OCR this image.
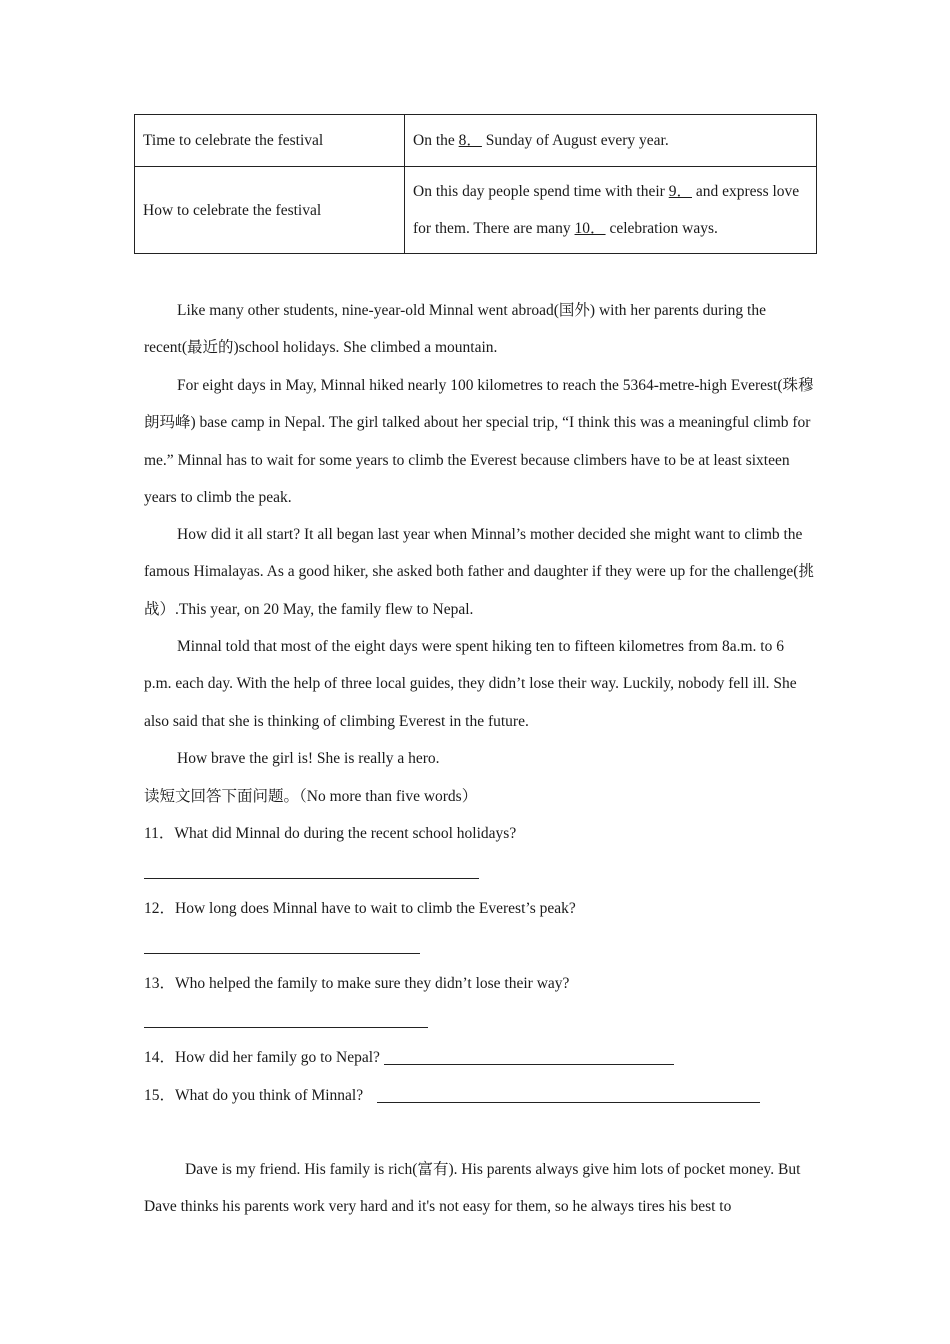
Time to celebrate the festival	On the 8． Sunday of August every year.
How to celebrate the festival	On this day people spend time with their 9． and express love for them. There are many 10． celebration ways.

Like many other students, nine-year-old Minnal went abroad(国外) with her parents during the recent(最近的)school holidays. She climbed a mountain.

For eight days in May, Minnal hiked nearly 100 kilometres to reach the 5364-metre-high Everest(珠穆朗玛峰) base camp in Nepal. The girl talked about her special trip, “I think this was a meaningful climb for me.” Minnal has to wait for some years to climb the Everest because climbers have to be at least sixteen years to climb the peak.

How did it all start? It all began last year when Minnal’s mother decided she might want to climb the famous Himalayas. As a good hiker, she asked both father and daughter if they were up for the challenge(挑战）.This year, on 20 May, the family flew to Nepal.

Minnal told that most of the eight days were spent hiking ten to fifteen kilometres from 8a.m. to 6 p.m. each day. With the help of three local guides, they didn’t lose their way. Luckily, nobody fell ill. She also said that she is thinking of climbing Everest in the future.

How brave the girl is! She is really a hero.

读短文回答下面问题。（No more than five words）
11．What did Minnal do during the recent school holidays?
12．How long does Minnal have to wait to climb the Everest’s peak?
13．Who helped the family to make sure they didn’t lose their way?
14．How did her family go to Nepal?
15．What do you think of Minnal?

Dave is my friend. His family is rich(富有). His parents always give him lots of pocket money. But Dave thinks his parents work very hard and it's not easy for them, so he always tires his best to
